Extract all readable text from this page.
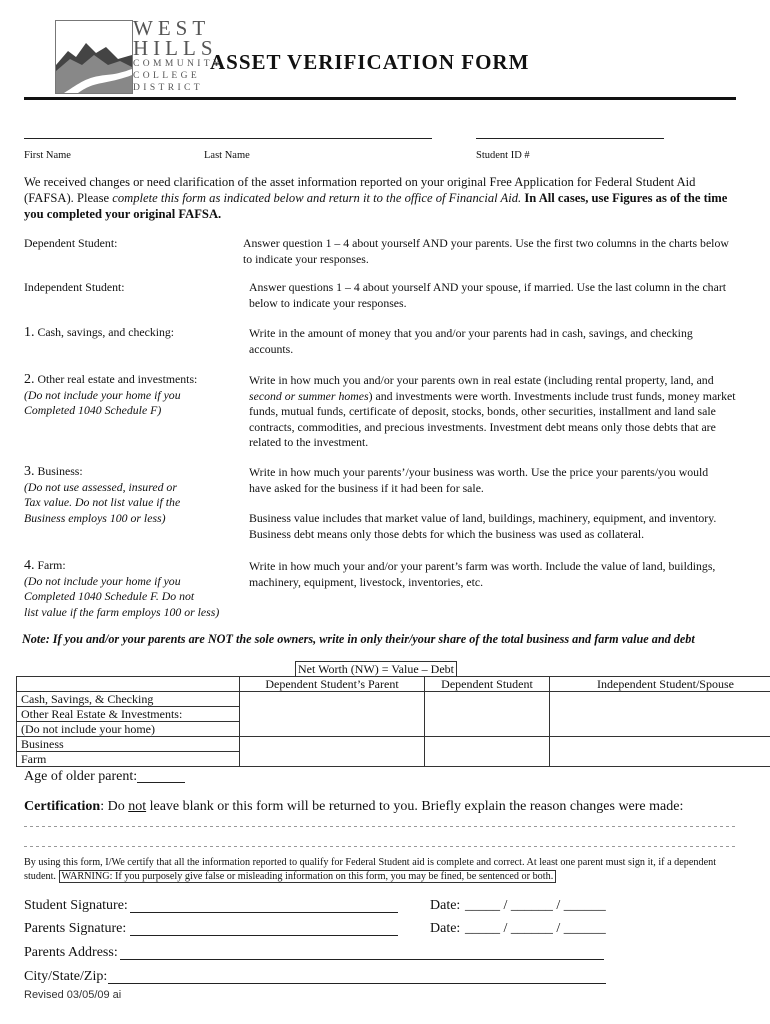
WEST
HILLS
COMMUNITY
COLLEGE
DISTRICT
ASSET VERIFICATION FORM
First Name	Last Name	Student ID #
We received changes or need clarification of the asset information reported on your original Free Application for Federal Student Aid (FAFSA). Please complete this form as indicated below and return it to the office of Financial Aid. In All cases, use Figures as of the time you completed your original FAFSA.
Dependent Student:	Answer question 1 – 4 about yourself AND your parents. Use the first two columns in the charts below to indicate your responses.
Independent Student:	Answer questions 1 – 4 about yourself AND your spouse, if married. Use the last column in the chart below to indicate your responses.
1. Cash, savings, and checking:	Write in the amount of money that you and/or your parents had in cash, savings, and checking accounts.
2. Other real estate and investments:
(Do not include your home if you
Completed 1040 Schedule F)
Write in how much you and/or your parents own in real estate (including rental property, land, and second or summer homes) and investments were worth. Investments include trust funds, money market funds, mutual funds, certificate of deposit, stocks, bonds, other securities, installment and land sale contracts, commodities, and precious investments. Investment debt means only those debts that are related to the investment.
3. Business:
(Do not use assessed, insured or
Tax value. Do not list value if the
Business employs 100 or less)
Write in how much your parents’/your business was worth. Use the price your parents/you would have asked for the business if it had been for sale.
Business value includes that market value of land, buildings, machinery, equipment, and inventory. Business debt means only those debts for which the business was used as collateral.
4. Farm:
(Do not include your home if you
Completed 1040 Schedule F. Do not
list value if the farm employs 100 or less)
Write in how much your and/or your parent’s farm was worth. Include the value of land, buildings, machinery, equipment, livestock, inventories, etc.
Note: If you and/or your parents are NOT the sole owners, write in only their/your share of the total business and farm value and debt
Net Worth (NW) = Value – Debt
	Dependent Student’s Parent	Dependent Student	Independent Student/Spouse
Cash, Savings, & Checking			
Other Real Estate & Investments:			
(Do not include your home)			
Business			
Farm			
Age of older parent:
Certification: Do not leave blank or this form will be returned to you. Briefly explain the reason changes were made:
By using this form, I/We certify that all the information reported to qualify for Federal Student aid is complete and correct. At least one parent must sign it, if a dependent student. WARNING: If you purposely give false or misleading information on this form, you may be fined, be sentenced or both.
Student Signature:	Date: _____ / ______ / ______
Parents Signature:	Date: _____ / ______ / ______
Parents Address:
City/State/Zip:
Revised 03/05/09 ai
